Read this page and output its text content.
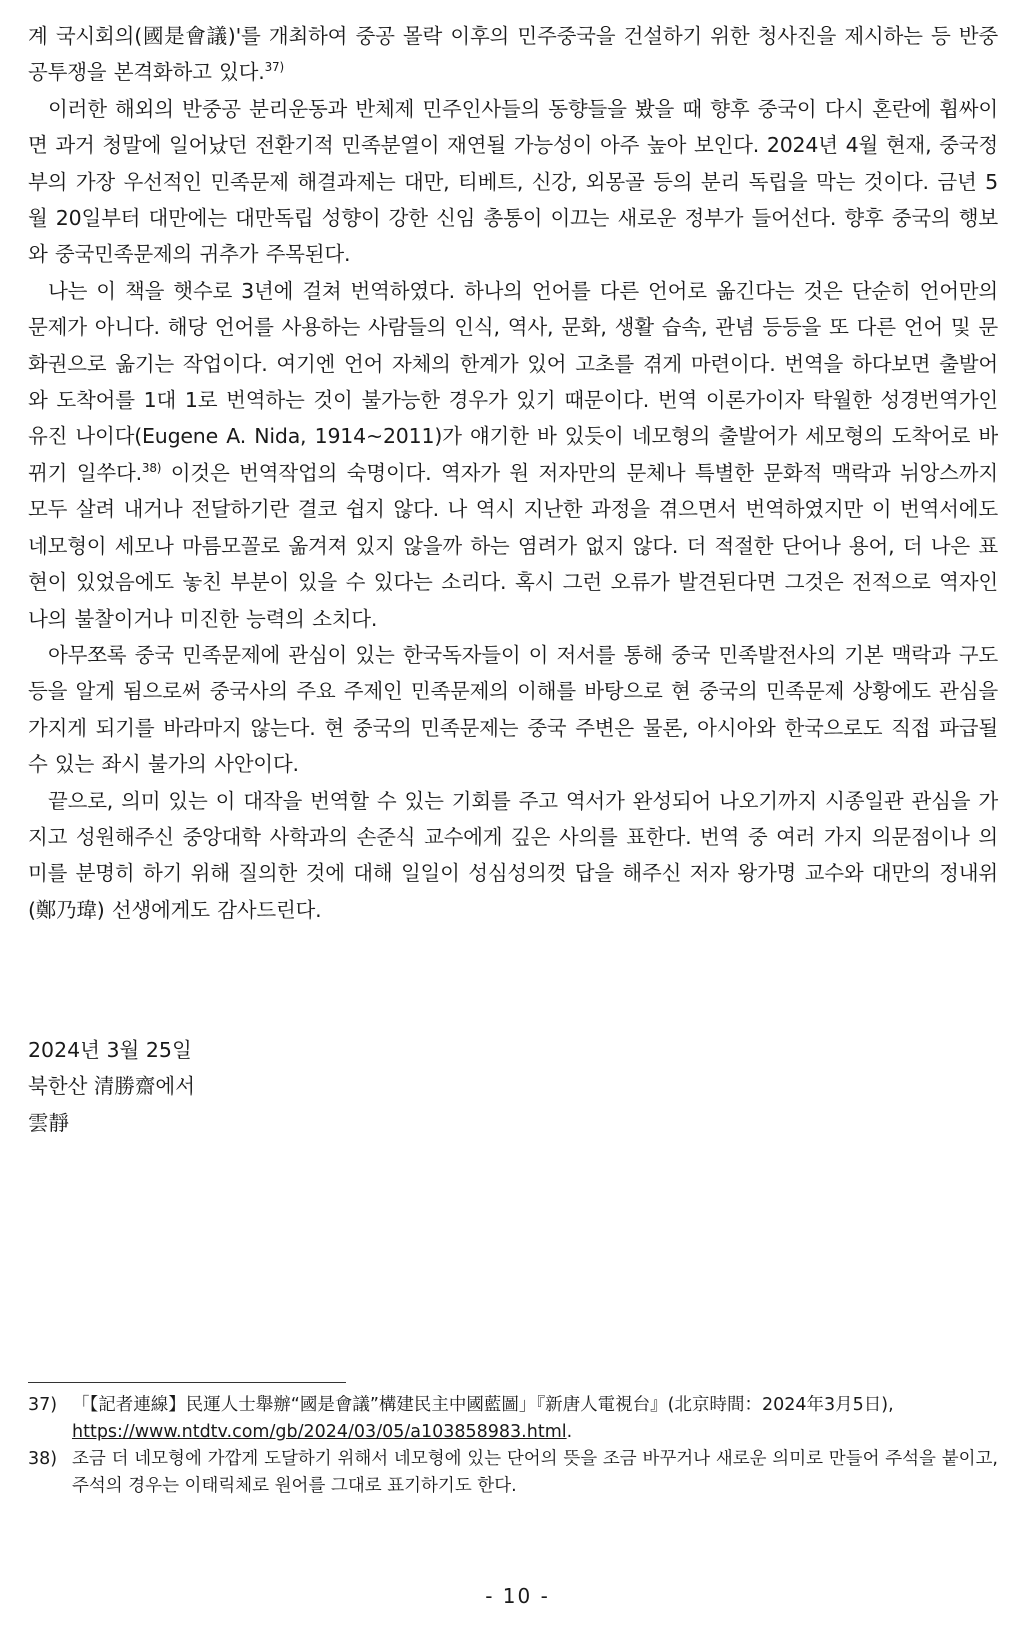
계 국시회의(國是會議)'를 개최하여 중공 몰락 이후의 민주중국을 건설하기 위한 청사진을 제시하는 등 반중공투쟁을 본격화하고 있다.$^{37)}$

이러한 해외의 반중공 분리운동과 반체제 민주인사들의 동향들을 봤을 때 향후 중국이 다시 혼란에 휩싸이면 과거 청말에 일어났던 전환기적 민족분열이 재연될 가능성이 아주 높아 보인다. 2024년 4월 현재, 중국정부의 가장 우선적인 민족문제 해결과제는 대만, 티베트, 신강, 외몽골 등의 분리 독립을 막는 것이다. 금년 5월 20일부터 대만에는 대만독립 성향이 강한 신임 총통이 이끄는 새로운 정부가 들어선다. 향후 중국의 행보와 중국민족문제의 귀추가 주목된다.

나는 이 책을 햇수로 3년에 걸쳐 번역하였다. 하나의 언어를 다른 언어로 옮긴다는 것은 단순히 언어만의 문제가 아니다. 해당 언어를 사용하는 사람들의 인식, 역사, 문화, 생활 습속, 관념 등등을 또 다른 언어 및 문화권으로 옮기는 작업이다. 여기엔 언어 자체의 한계가 있어 고초를 겪게 마련이다. 번역을 하다보면 출발어와 도착어를 1대 1로 번역하는 것이 불가능한 경우가 있기 때문이다. 번역 이론가이자 탁월한 성경번역가인 유진 나이다(Eugene A. Nida, 1914~2011)가 얘기한 바 있듯이 네모형의 출발어가 세모형의 도착어로 바뀌기 일쑤다.$^{38)}$ 이것은 번역작업의 숙명이다. 역자가 원 저자만의 문체나 특별한 문화적 맥락과 뉘앙스까지 모두 살려 내거나 전달하기란 결코 쉽지 않다. 나 역시 지난한 과정을 겪으면서 번역하였지만 이 번역서에도 네모형이 세모나 마름모꼴로 옮겨져 있지 않을까 하는 염려가 없지 않다. 더 적절한 단어나 용어, 더 나은 표현이 있었음에도 놓친 부분이 있을 수 있다는 소리다. 혹시 그런 오류가 발견된다면 그것은 전적으로 역자인 나의 불찰이거나 미진한 능력의 소치다.

아무쪼록 중국 민족문제에 관심이 있는 한국독자들이 이 저서를 통해 중국 민족발전사의 기본 맥락과 구도 등을 알게 됨으로써 중국사의 주요 주제인 민족문제의 이해를 바탕으로 현 중국의 민족문제 상황에도 관심을 가지게 되기를 바라마지 않는다. 현 중국의 민족문제는 중국 주변은 물론, 아시아와 한국으로도 직접 파급될 수 있는 좌시 불가의 사안이다.

끝으로, 의미 있는 이 대작을 번역할 수 있는 기회를 주고 역서가 완성되어 나오기까지 시종일관 관심을 가지고 성원해주신 중앙대학 사학과의 손준식 교수에게 깊은 사의를 표한다. 번역 중 여러 가지 의문점이나 의미를 분명히 하기 위해 질의한 것에 대해 일일이 성심성의껏 답을 해주신 저자 왕가명 교수와 대만의 정내위(鄭乃瑋) 선생에게도 감사드린다.

2024년 3월 25일
북한산 清勝齋에서
雲靜
37) 「【記者連線】民運人士舉辦“國是會議”構建民主中國藍圖」『新唐人電視台』(北京時間：2024年3月5日),
https://www.ntdtv.com/gb/2024/03/05/a103858983.html.
38) 조금 더 네모형에 가깝게 도달하기 위해서 네모형에 있는 단어의 뜻을 조금 바꾸거나 새로운 의미로 만들어 주석을 붙이고, 주석의 경우는 이태릭체로 원어를 그대로 표기하기도 한다.
- 10 -
